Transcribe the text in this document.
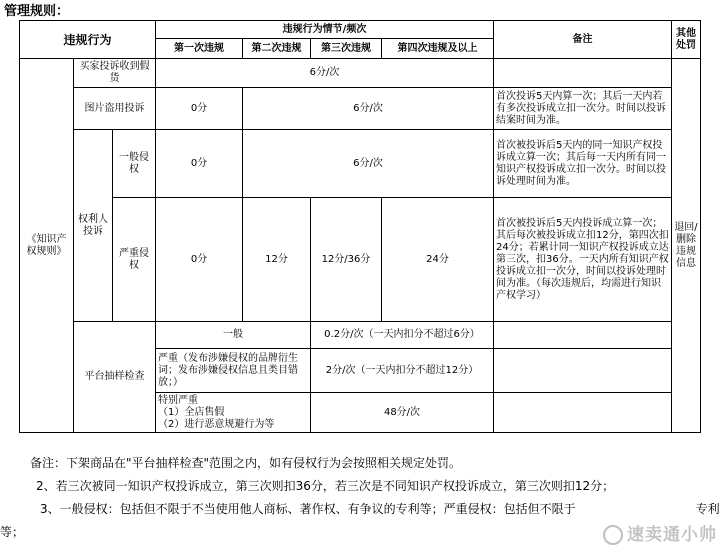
管理规则：
违规行为			违规行为情节/频次				备注	其他处罚
			第一次违规	第二次违规	第三次违规	第四次违规及以上		
《知识产权规则》	买家投诉收到假货		6分/次					退回/删除违规信息
	图片盗用投诉		0分	6分/次			首次投诉5天内算一次；其后一天内若有多次投诉成立扣一次分。时间以投诉结案时间为准。	
	权利人投诉	一般侵权	0分	6分/次			首次被投诉后5天内的同一知识产权投诉成立算一次；其后每一天内所有同一知识产权投诉成立扣一次分。时间以投诉处理时间为准。	
		严重侵权	0分	12分	12分/36分	24分	首次被投诉后5天内投诉成立算一次；其后每次被投诉成立扣12分，第四次扣24分；若累计同一知识产权投诉成立达第三次，扣36分。一天内所有知识产权投诉成立扣一次分，时间以投诉处理时间为准。（每次违规后，均需进行知识产权学习）	
	平台抽样检查		一般		0.2分/次（一天内扣分不超过6分）			
			严重（发布涉嫌侵权的品牌衍生词；发布涉嫌侵权信息且类目错放；）		2分/次（一天内扣分不超过12分）			

			特别严重
（1）全店售假
（2）进行恶意规避行为等		48分/次			

备注：下架商品在"平台抽样检查"范围之内，如有侵权行为会按照相关规定处罚。

2、若三次被同一知识产权投诉成立，第三次则扣36分，若三次是不同知识产权投诉成立，第三次则扣12分；

3、一般侵权：包括但不限于不当使用他人商标、著作权、有争议的专利等；严重侵权：包括但不限于	专利

等；	速卖通小帅
